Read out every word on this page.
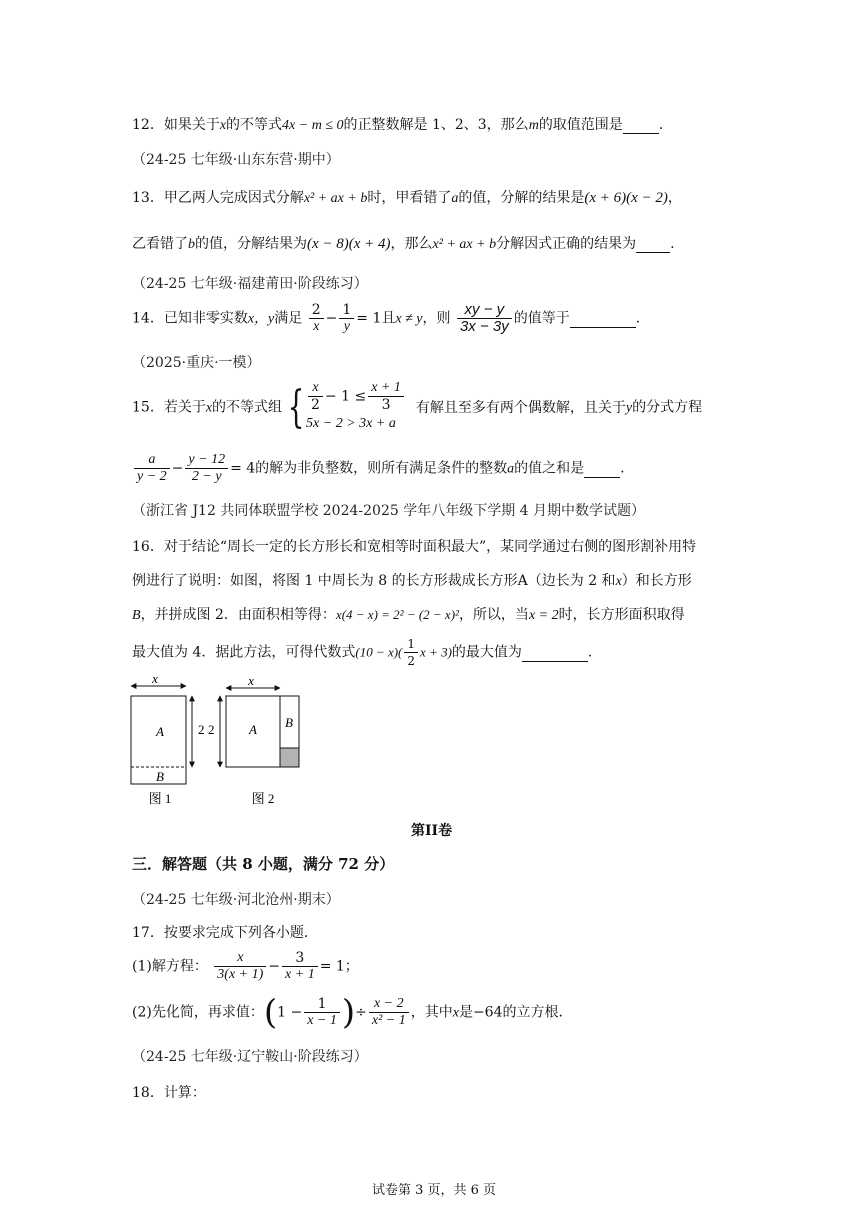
12．如果关于x的不等式4x − m ≤ 0的正整数解是 1、2、3，那么m的取值范围是	.
（24-25 七年级·山东东营·期中）
13．甲乙两人完成因式分解x² + ax + b时，甲看错了a的值，分解的结果是(x + 6)(x − 2)，
乙看错了b的值，分解结果为(x − 8)(x + 4)，那么x² + ax + b分解因式正确的结果为 .
（24-25 七年级·福建莆田·阶段练习）
14．已知非零实数x，y满足 $\frac{2}{x} - \frac{1}{y} = 1$且x ≠ y，则 $\frac{xy - y}{3x - 3y}$ 的值等于	.
（2025·重庆·一模）
15．若关于x的不等式组 { $\frac{x}{2} - 1 \le \frac{x + 1}{3}$
5x − 2 > 3x + a
有解且至多有两个偶数解，且关于y的分式方程
$\frac{a}{y - 2} - \frac{y - 12}{2 - y} = 4$的解为非负整数，则所有满足条件的整数a的值之和是	.
（浙江省 J12 共同体联盟学校 2024-2025 学年八年级下学期 4 月期中数学试题）
16．对于结论“周长一定的长方形长和宽相等时面积最大”，某同学通过右侧的图形割补用特
例进行了说明：如图，将图 1 中周长为 8 的长方形裁成长方形A（边长为 2 和x）和长方形
B，并拼成图 2．由面积相等得：x(4 − x) = 2² − (2 − x)²，所以，当x = 2时，长方形面积取得
最大值为 4．据此方法，可得代数式$(10 - x)( \frac{1}{2}$ x + 3)的最大值为	.
x
A
B
2
图 1
x
2	A B
图 2
第II卷
三．解答题（共 8 小题，满分 72 分）
（24-25 七年级·河北沧州·期末）
17．按要求完成下列各小题．
(1)解方程： $\frac{x}{3(x + 1)} - \frac{3}{x + 1} = 1$；
(2)先化简，再求值：($1 - \frac{1}{x - 1}$ )÷ $\frac{x - 2}{\text{x² − 1}}$ ，其中x是−64的立方根．
（24-25 七年级·辽宁鞍山·阶段练习）
18．计算：
试卷第 3 页，共 6 页
